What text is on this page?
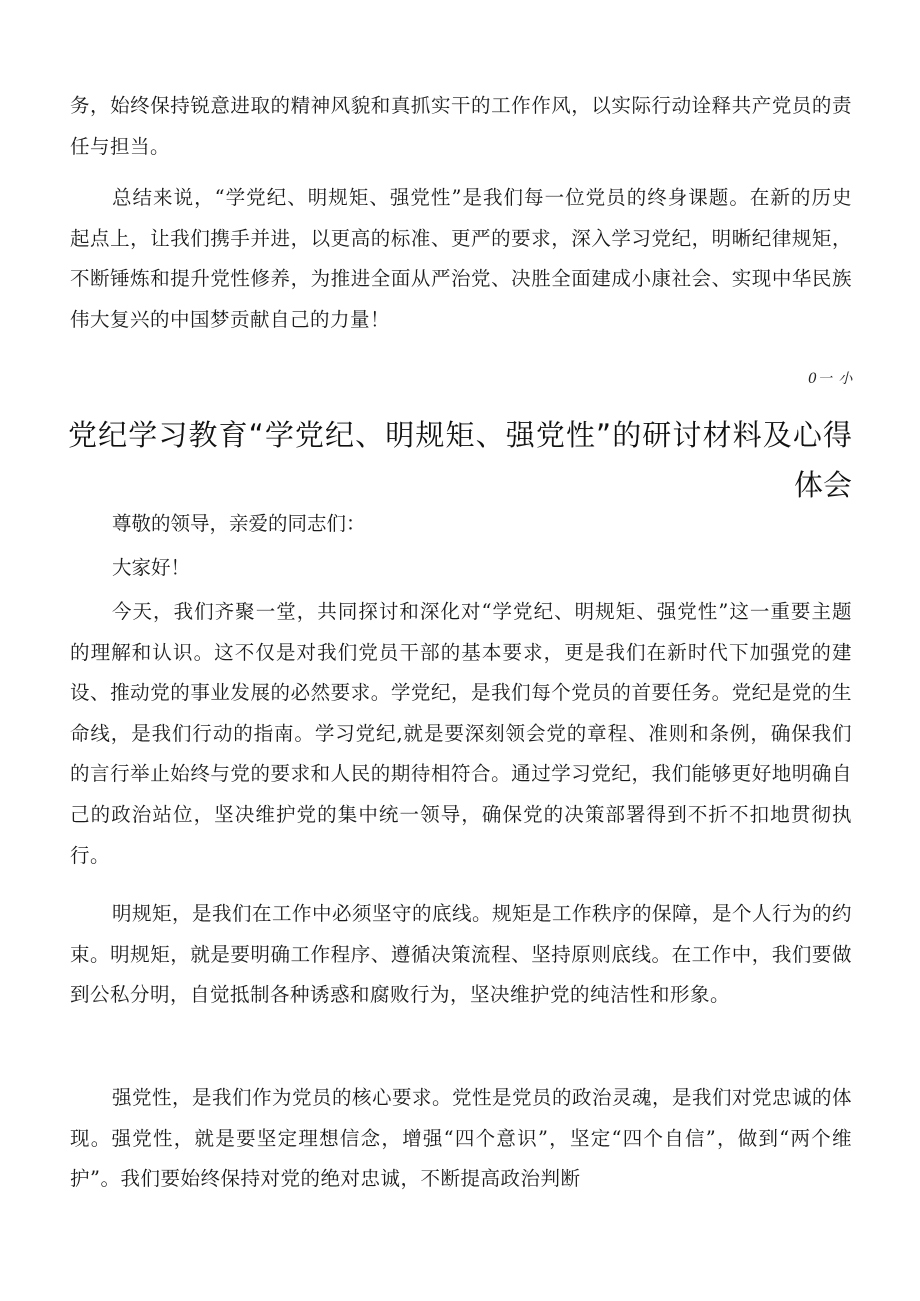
务，始终保持锐意进取的精神风貌和真抓实干的工作作风，以实际行动诠释共产党员的责任与担当。

总结来说，“学党纪、明规矩、强党性”是我们每一位党员的终身课题。在新的历史起点上，让我们携手并进，以更高的标准、更严的要求，深入学习党纪，明晰纪律规矩，不断锤炼和提升党性修养，为推进全面从严治党、决胜全面建成小康社会、实现中华民族伟大复兴的中国梦贡献自己的力量！

0一 小
党纪学习教育“学党纪、明规矩、强党性”的研讨材料及心得体会

尊敬的领导，亲爱的同志们：

大家好！

今天，我们齐聚一堂，共同探讨和深化对“学党纪、明规矩、强党性”这一重要主题的理解和认识。这不仅是对我们党员干部的基本要求，更是我们在新时代下加强党的建设、推动党的事业发展的必然要求。学党纪，是我们每个党员的首要任务。党纪是党的生命线，是我们行动的指南。学习党纪,就是要深刻领会党的章程、准则和条例，确保我们的言行举止始终与党的要求和人民的期待相符合。通过学习党纪，我们能够更好地明确自己的政治站位，坚决维护党的集中统一领导，确保党的决策部署得到不折不扣地贯彻执行。

明规矩，是我们在工作中必须坚守的底线。规矩是工作秩序的保障，是个人行为的约束。明规矩，就是要明确工作程序、遵循决策流程、坚持原则底线。在工作中，我们要做到公私分明，自觉抵制各种诱惑和腐败行为，坚决维护党的纯洁性和形象。

强党性，是我们作为党员的核心要求。党性是党员的政治灵魂，是我们对党忠诚的体现。强党性，就是要坚定理想信念，增强“四个意识”，坚定“四个自信”，做到“两个维护”。我们要始终保持对党的绝对忠诚，不断提高政治判断
